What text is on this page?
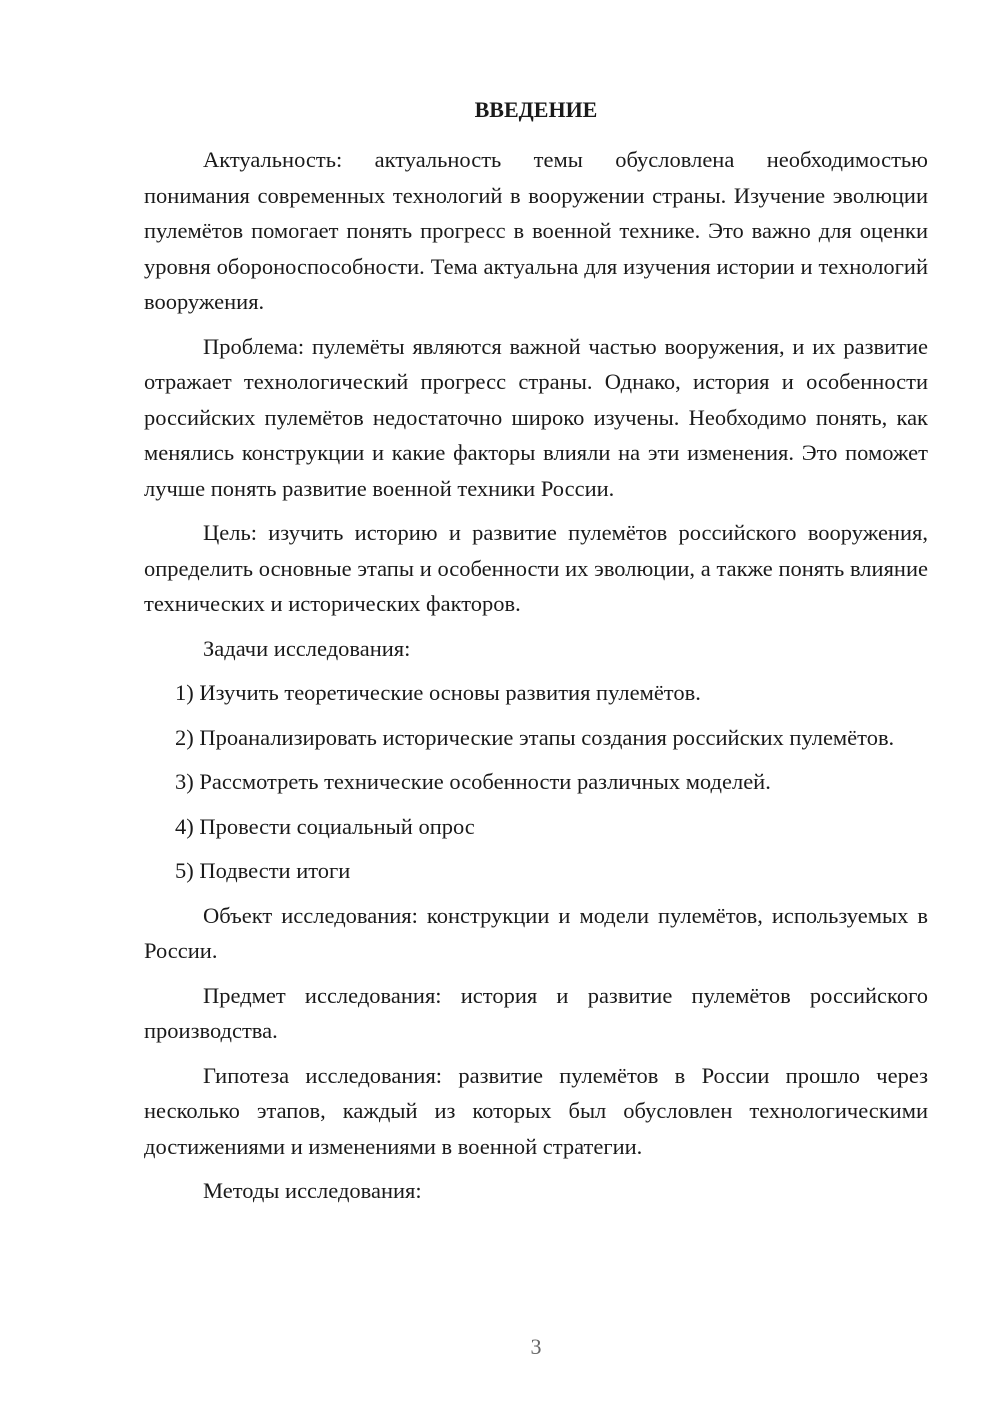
ВВЕДЕНИЕ
Актуальность: актуальность темы обусловлена необходимостью понимания современных технологий в вооружении страны. Изучение эволюции пулемётов помогает понять прогресс в военной технике. Это важно для оценки уровня обороноспособности. Тема актуальна для изучения истории и технологий вооружения.
Проблема: пулемёты являются важной частью вооружения, и их развитие отражает технологический прогресс страны. Однако, история и особенности российских пулемётов недостаточно широко изучены. Необходимо понять, как менялись конструкции и какие факторы влияли на эти изменения. Это поможет лучше понять развитие военной техники России.
Цель: изучить историю и развитие пулемётов российского вооружения, определить основные этапы и особенности их эволюции, а также понять влияние технических и исторических факторов.
Задачи исследования:
1) Изучить теоретические основы развития пулемётов.
2) Проанализировать исторические этапы создания российских пулемётов.
3) Рассмотреть технические особенности различных моделей.
4) Провести социальный опрос
5) Подвести итоги
Объект исследования: конструкции и модели пулемётов, используемых в России.
Предмет исследования: история и развитие пулемётов российского производства.
Гипотеза исследования: развитие пулемётов в России прошло через несколько этапов, каждый из которых был обусловлен технологическими достижениями и изменениями в военной стратегии.
Методы исследования:
3
